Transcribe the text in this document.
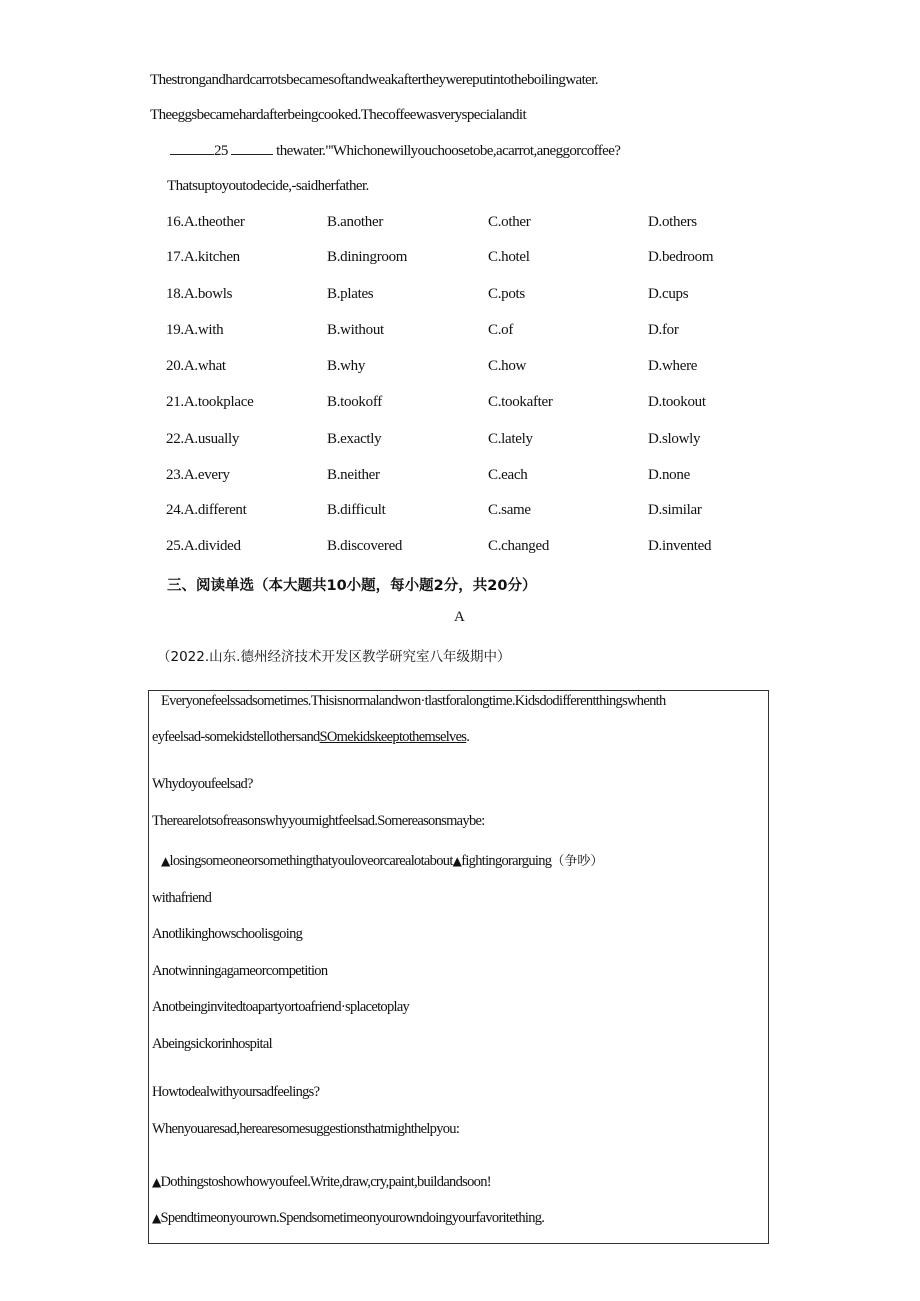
Thestrongandhardcarrotsbecamesoftandweakaftertheywereputintotheboilingwater.
Theeggsbecamehardafterbeingcooked.Thecoffeewasveryspecialandit
25	thewater."'Whichonewillyouchoosetobe,acarrot,aneggorcoffee?
Thatsuptoyoutodecide,-saidherfather.
16.A.theother	B.another	C.other	D.others
17.A.kitchen	B.diningroom	C.hotel	D.bedroom
18.A.bowls	B.plates	C.pots	D.cups
19.A.with	B.without	C.of	D.for
20.A.what	B.why	C.how	D.where
21.A.tookplace	B.tookoff	C.tookafter	D.tookout
22.A.usually	B.exactly	C.lately	D.slowly
23.A.every	B.neither	C.each	D.none
24.A.different	B.difficult	C.same	D.similar
25.A.divided	B.discovered	C.changed	D.invented
三、阅读单选（本大题共10小题，每小题2分，共20分）
A
（2022.山东.德州经济技术开发区教学研究室八年级期中）
Everyonefeelssadsometimes.Thisisnormalandwon·tlastforalongtime.Kidsdodifferentthingswhenth
eyfeelsad-somekidstellothersandSOmekidskeeptothemselves.
Whydoyoufeelsad?
Therearelotsofreasonswhyyoumightfeelsad.Somereasonsmaybe:
▲losingsomeoneorsomethingthatyouloveorcarealotabout▲fightingorarguing（争吵）
withafriend
Anotlikinghowschoolisgoing
Anotwinningagameorcompetition
Anotbeinginvitedtoapartyortoafriend·splacetoplay
Abeingsickorinhospital
Howtodealwithyoursadfeelings?
Whenyouaresad,herearesomesuggestionsthatmighthelpyou:
▲Dothingstoshowhowyoufeel.Write,draw,cry,paint,buildandsoon!
▲Spendtimeonyourown.Spendsometimeonyourowndoingyourfavoritething.
